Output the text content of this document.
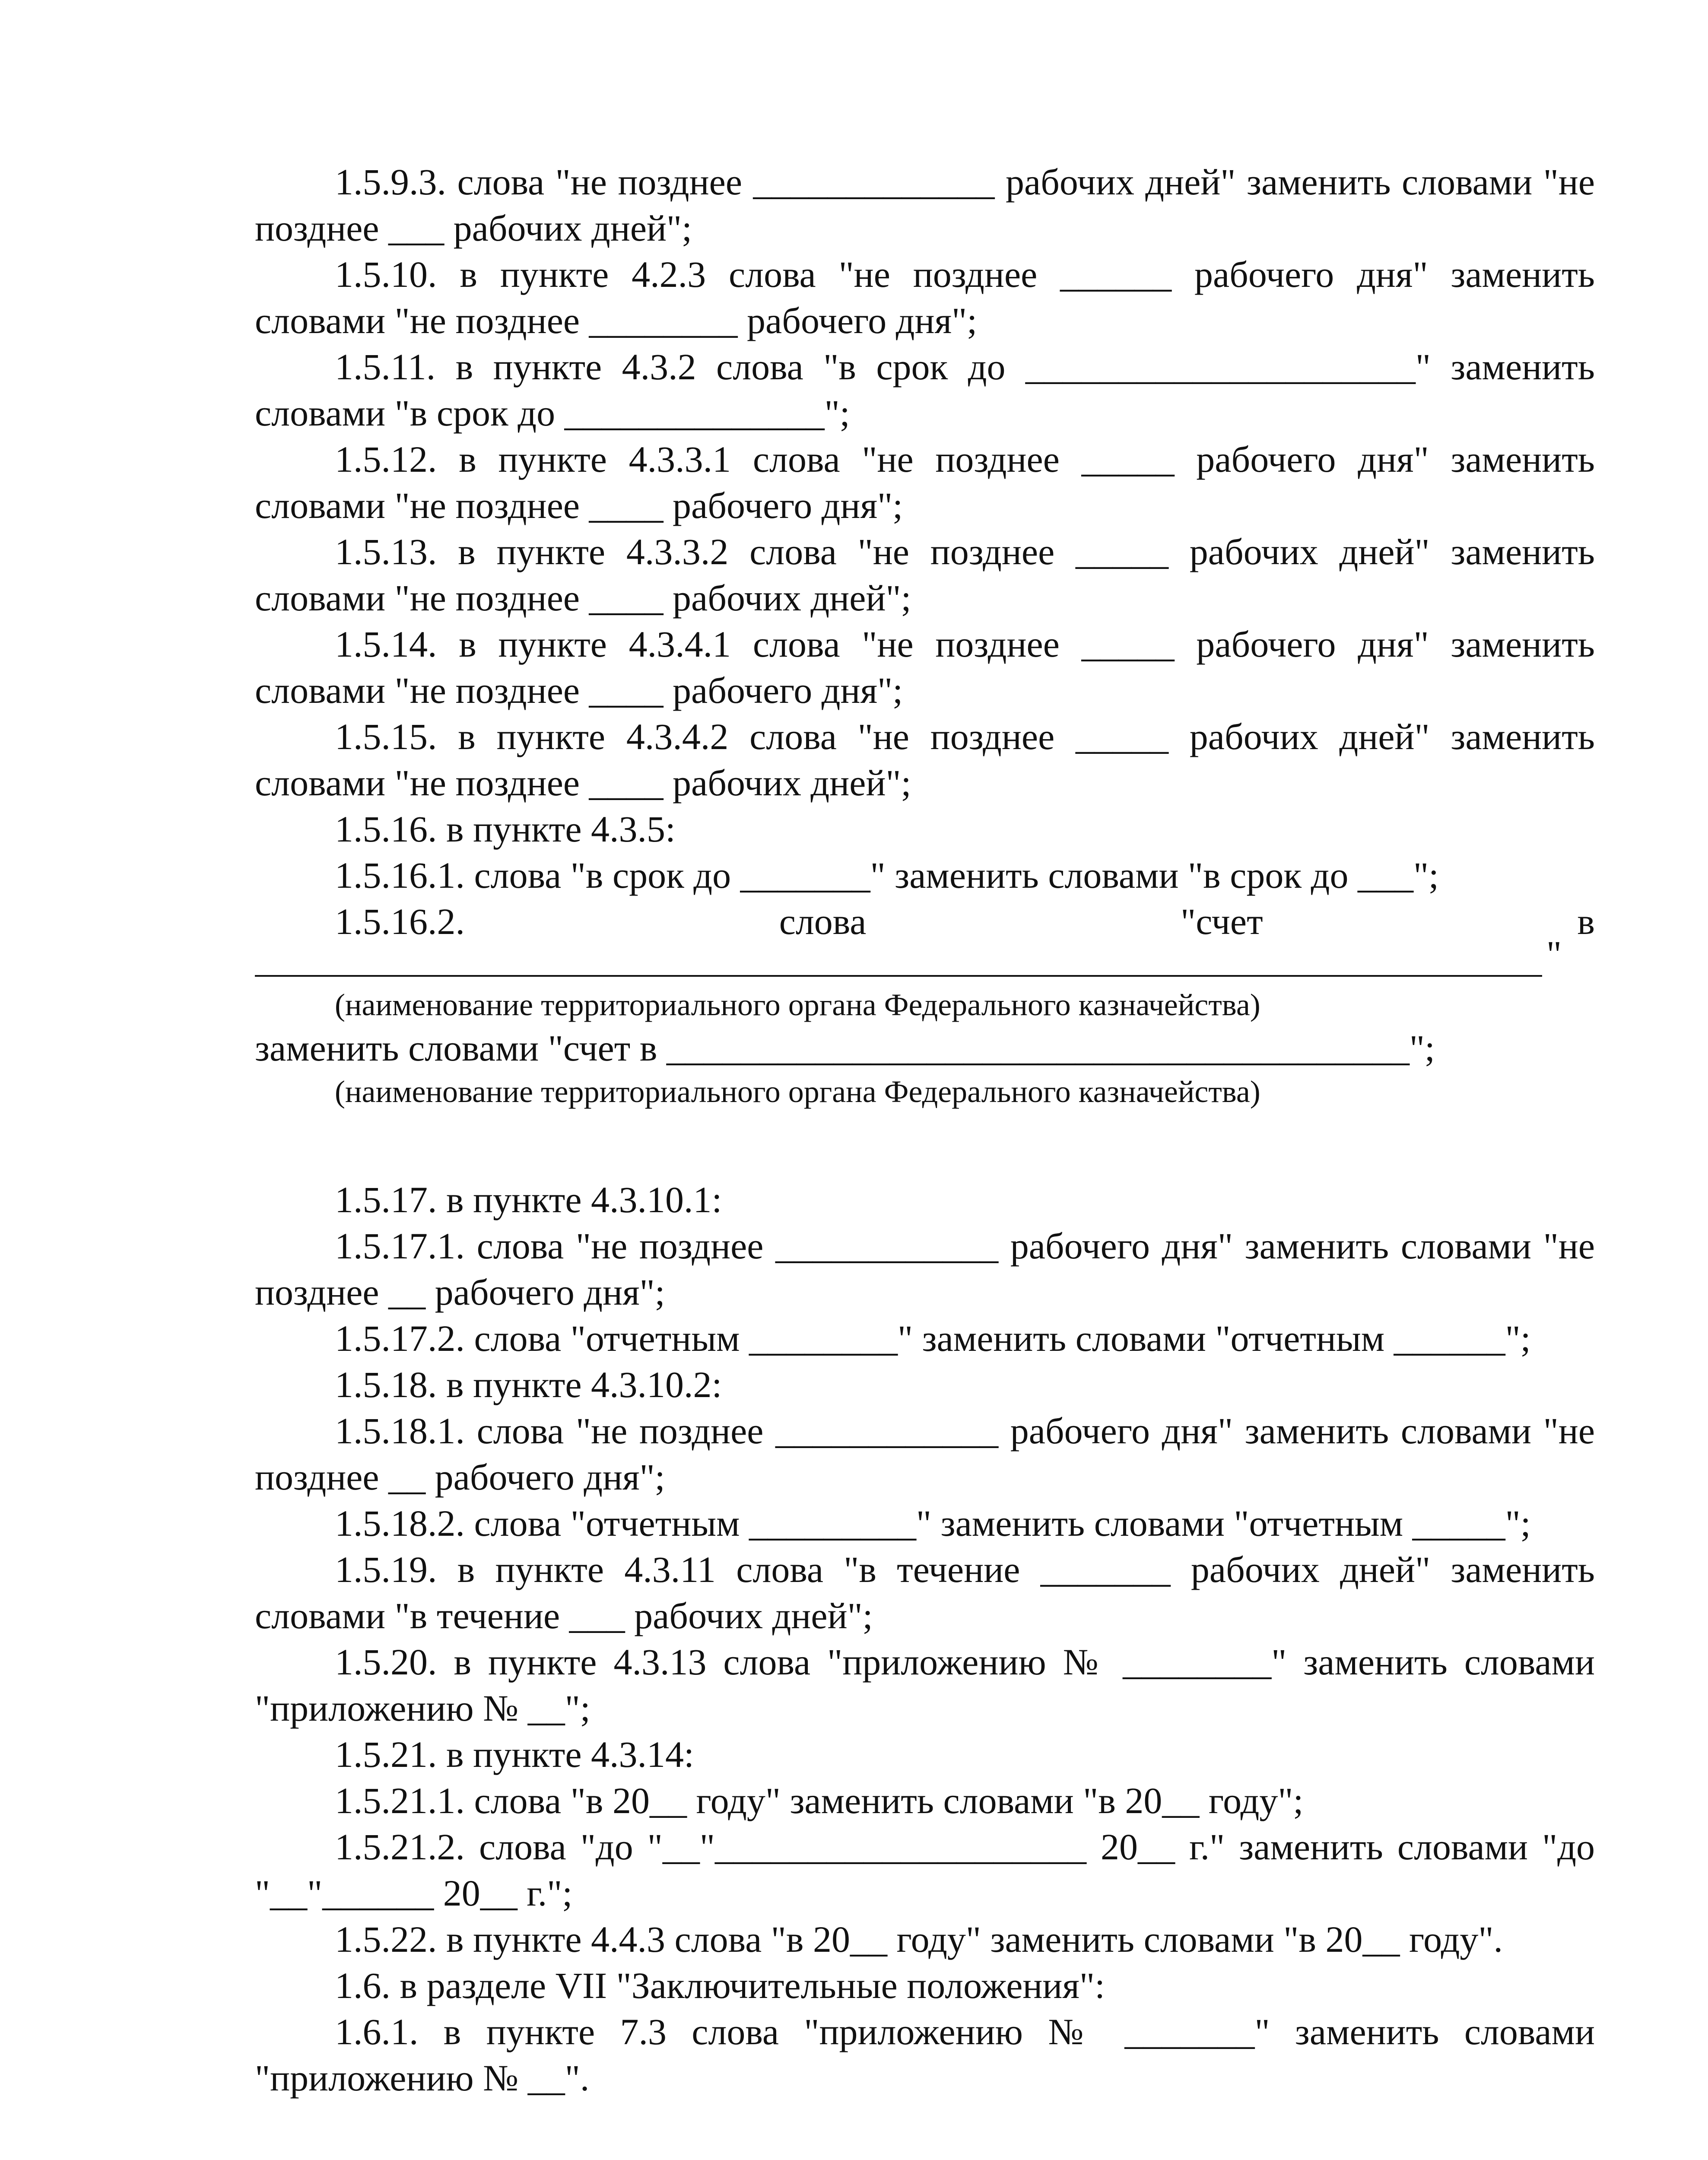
1.5.9.3. слова "не позднее _____________ рабочих дней" заменить словами "не позднее ___ рабочих дней";

1.5.10. в пункте 4.2.3 слова "не позднее ______ рабочего дня" заменить словами "не позднее ________ рабочего дня";

1.5.11. в пункте 4.3.2 слова "в срок до _____________________" заменить словами "в срок до ______________";

1.5.12. в пункте 4.3.3.1 слова "не позднее _____ рабочего дня" заменить словами "не позднее ____ рабочего дня";

1.5.13. в пункте 4.3.3.2 слова "не позднее _____ рабочих дней" заменить словами "не позднее ____ рабочих дней";

1.5.14. в пункте 4.3.4.1 слова "не позднее _____ рабочего дня" заменить словами "не позднее ____ рабочего дня";

1.5.15. в пункте 4.3.4.2 слова "не позднее _____ рабочих дней" заменить словами "не позднее ____ рабочих дней";

1.5.16. в пункте 4.3.5:

1.5.16.1. слова "в срок до _______" заменить словами "в срок до ___";

1.5.16.2. слова "счет в

"

(наименование территориального органа Федерального казначейства)

заменить словами "счет в ________________________________________";

(наименование территориального органа Федерального казначейства)

1.5.17. в пункте 4.3.10.1:

1.5.17.1. слова "не позднее ____________ рабочего дня" заменить словами "не позднее __ рабочего дня";

1.5.17.2. слова "отчетным ________" заменить словами "отчетным ______";

1.5.18. в пункте 4.3.10.2:

1.5.18.1. слова "не позднее ____________ рабочего дня" заменить словами "не позднее __ рабочего дня";

1.5.18.2. слова "отчетным _________" заменить словами "отчетным _____";

1.5.19. в пункте 4.3.11 слова "в течение _______ рабочих дней" заменить словами "в течение ___ рабочих дней";

1.5.20. в пункте 4.3.13 слова "приложению № ________" заменить словами "приложению № __";

1.5.21. в пункте 4.3.14:

1.5.21.1. слова "в 20__ году" заменить словами "в 20__ году";

1.5.21.2. слова "до "__"____________________ 20__ г." заменить словами "до "__"______ 20__ г.";

1.5.22. в пункте 4.4.3 слова "в 20__ году" заменить словами "в 20__ году".

1.6. в разделе VII "Заключительные положения":

1.6.1. в пункте 7.3 слова "приложению № _______" заменить словами "приложению № __".
